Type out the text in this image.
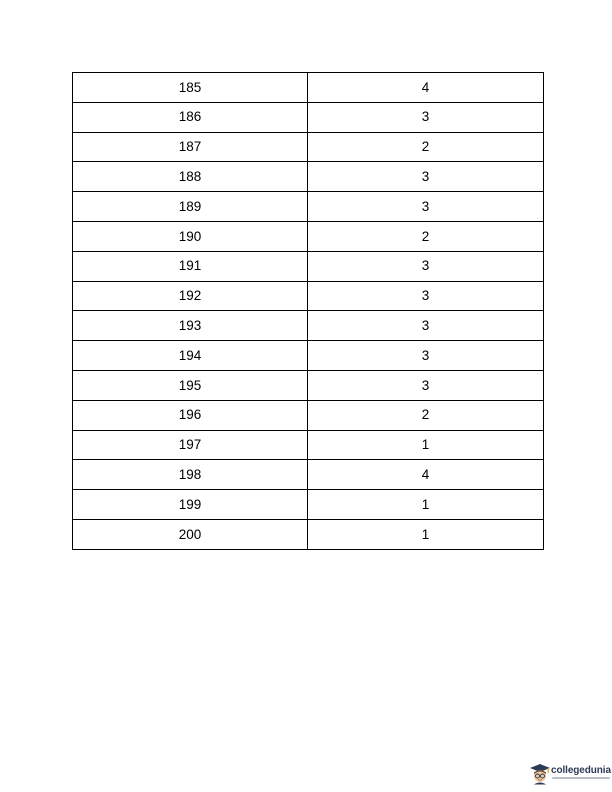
185	4
186	3
187	2
188	3
189	3
190	2
191	3
192	3
193	3
194	3
195	3
196	2
197	1
198	4
199	1
200	1
collegedunia
